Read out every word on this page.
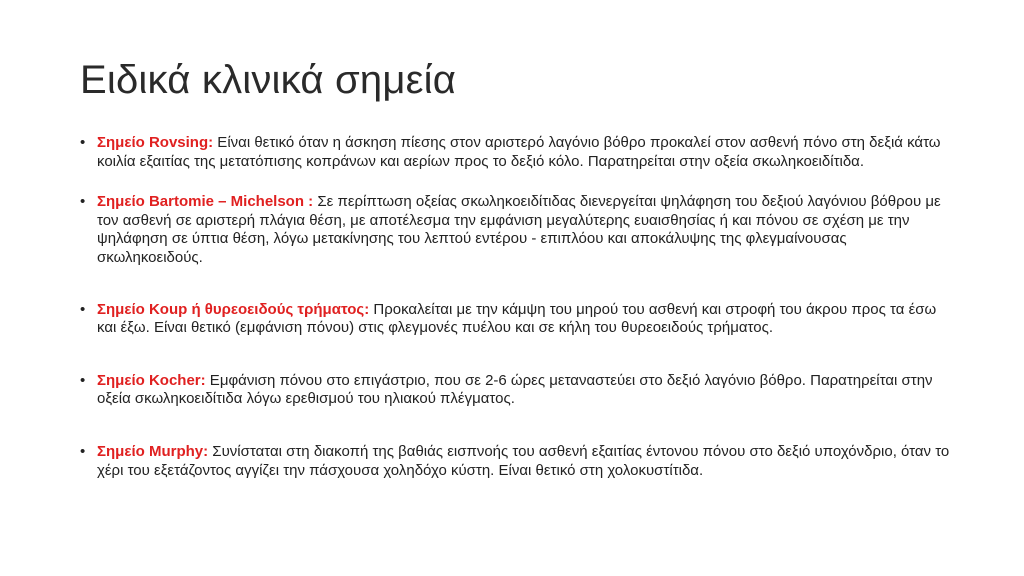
Ειδικά κλινικά σημεία
• Σημείο Rovsing: Είναι θετικό όταν η άσκηση πίεσης στον αριστερό λαγόνιο βόθρο προκαλεί στον ασθενή πόνο στη δεξιά κάτω κοιλία εξαιτίας της μετατόπισης κοπράνων και αερίων προς το δεξιό κόλο. Παρατηρείται στην οξεία σκωληκοειδίτιδα.
• Σημείο Bartomie – Michelson : Σε περίπτωση οξείας σκωληκοειδίτιδας διενεργείται ψηλάφηση του δεξιού λαγόνιου βόθρου με τον ασθενή σε αριστερή πλάγια θέση, με αποτέλεσμα την εμφάνιση μεγαλύτερης ευαισθησίας ή και πόνου σε σχέση με την ψηλάφηση σε ύπτια θέση, λόγω μετακίνησης του λεπτού εντέρου - επιπλόου και αποκάλυψης της φλεγμαίνουσας σκωληκοειδούς.
• Σημείο Koup ή θυρεοειδούς τρήματος: Προκαλείται με την κάμψη του μηρού του ασθενή και στροφή του άκρου προς τα έσω και έξω. Είναι θετικό (εμφάνιση πόνου) στις φλεγμονές πυέλου και σε κήλη του θυρεοειδούς τρήματος.
• Σημείο Kocher: Εμφάνιση πόνου στο επιγάστριο, που σε 2-6 ώρες μεταναστεύει στο δεξιό λαγόνιο βόθρο. Παρατηρείται στην οξεία σκωληκοειδίτιδα λόγω ερεθισμού του ηλιακού πλέγματος.
• Σημείο Murphy: Συνίσταται στη διακοπή της βαθιάς εισπνοής του ασθενή εξαιτίας έντονου πόνου στο δεξιό υποχόνδριο, όταν το χέρι του εξετάζοντος αγγίζει την πάσχουσα χοληδόχο κύστη. Είναι θετικό στη χολοκυστίτιδα.
